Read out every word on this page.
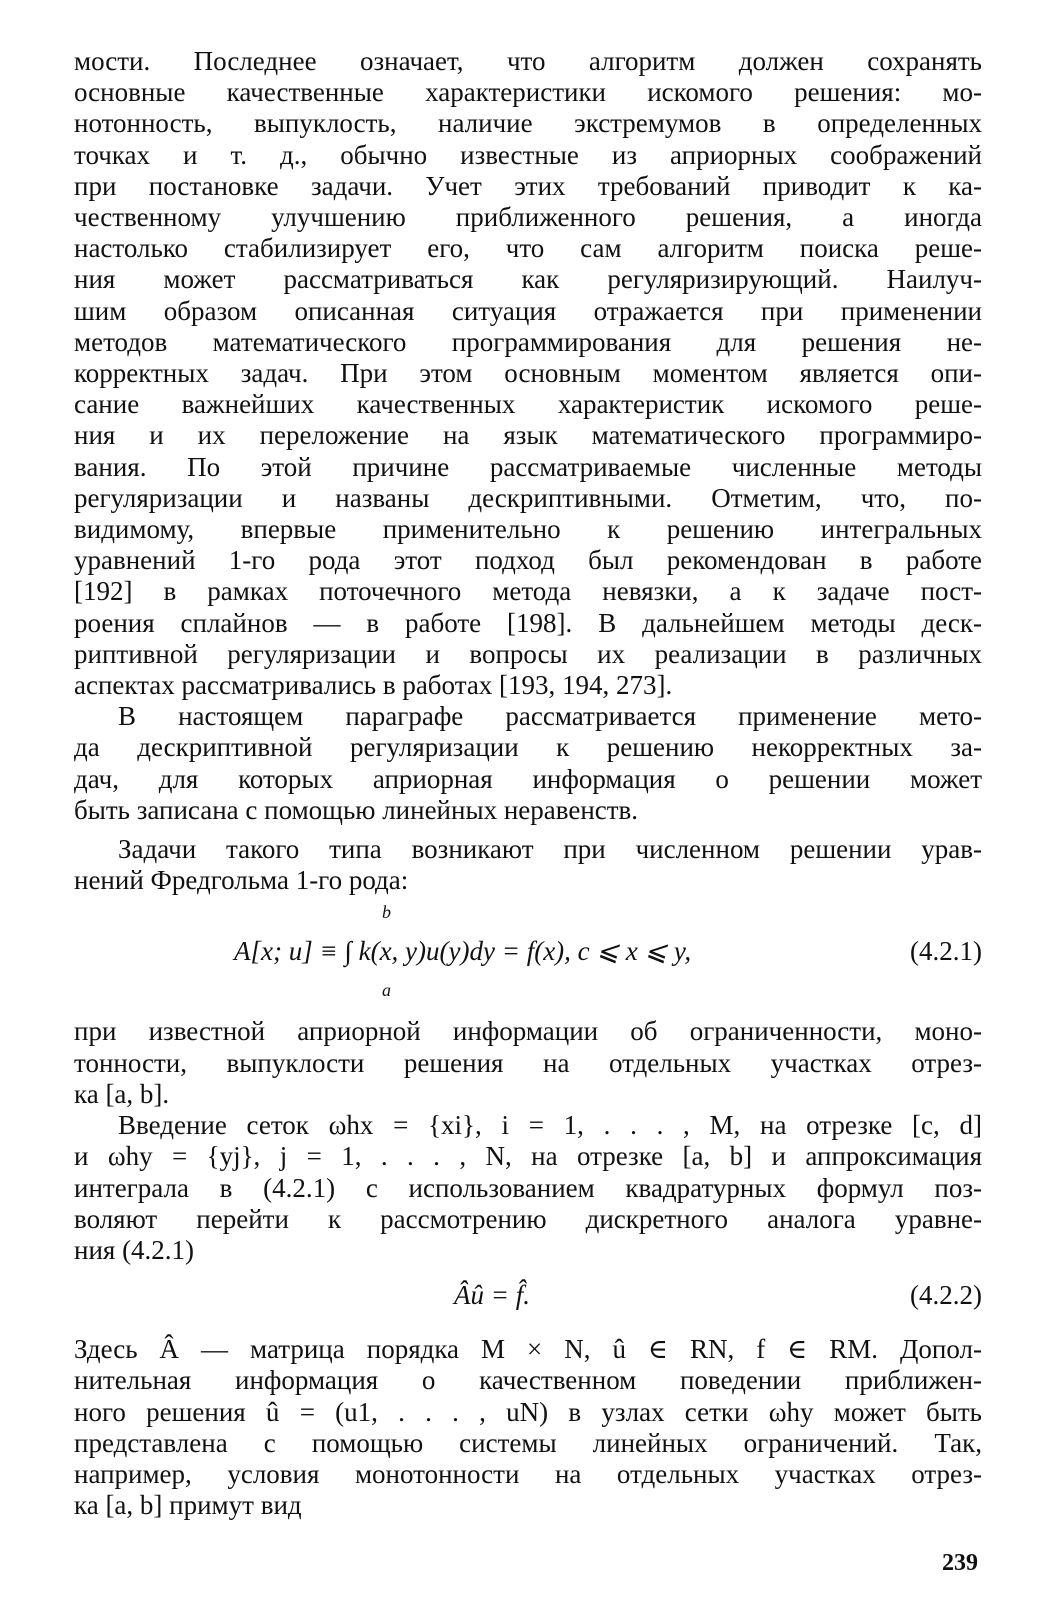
мости. Последнее означает, что алгоритм должен сохранять
основные качественные характеристики искомого решения: мо-
нотонность, выпуклость, наличие экстремумов в определенных
точках и т. д., обычно известные из априорных соображений
при постановке задачи. Учет этих требований приводит к ка-
чественному улучшению приближенного решения, а иногда
настолько стабилизирует его, что сам алгоритм поиска реше-
ния может рассматриваться как регуляризирующий. Наилуч-
шим образом описанная ситуация отражается при применении
методов математического программирования для решения не-
корректных задач. При этом основным моментом является опи-
сание важнейших качественных характеристик искомого реше-
ния и их переложение на язык математического программиро-
вания. По этой причине рассматриваемые численные методы
регуляризации и названы дескриптивными. Отметим, что, по-
видимому, впервые применительно к решению интегральных
уравнений 1-го рода этот подход был рекомендован в работе
[192] в рамках поточечного метода невязки, а к задаче пост-
роения сплайнов — в работе [198]. В дальнейшем методы деск-
риптивной регуляризации и вопросы их реализации в различных
аспектах рассматривались в работах [193, 194, 273].
В настоящем параграфе рассматривается применение мето-
да дескриптивной регуляризации к решению некорректных за-
дач, для которых априорная информация о решении может
быть записана с помощью линейных неравенств.
Задачи такого типа возникают при численном решении урав-
нений Фредгольма 1-го рода:
b
A[x; u] ≡ ∫ k(x, y)u(y)dy = f(x), c ⩽ x ⩽ y,
a
(4.2.1)
при известной априорной информации об ограниченности, моно-
тонности, выпуклости решения на отдельных участках отрез-
ка [a, b].
Введение сеток ωhx = {xi}, i = 1, . . . , M, на отрезке [c, d]
и ωhy = {yj}, j = 1, . . . , N, на отрезке [a, b] и аппроксимация
интеграла в (4.2.1) с использованием квадратурных формул поз-
воляют перейти к рассмотрению дискретного аналога уравне-
ния (4.2.1)
Âû = f̂.	(4.2.2)
Здесь Â — матрица порядка M × N, û ∈ RN, f ∈ RM. Допол-
нительная информация о качественном поведении приближен-
ного решения û = (u1, . . . , uN) в узлах сетки ωhy может быть
представлена с помощью системы линейных ограничений. Так,
например, условия монотонности на отдельных участках отрез-
ка [a, b] примут вид
239
